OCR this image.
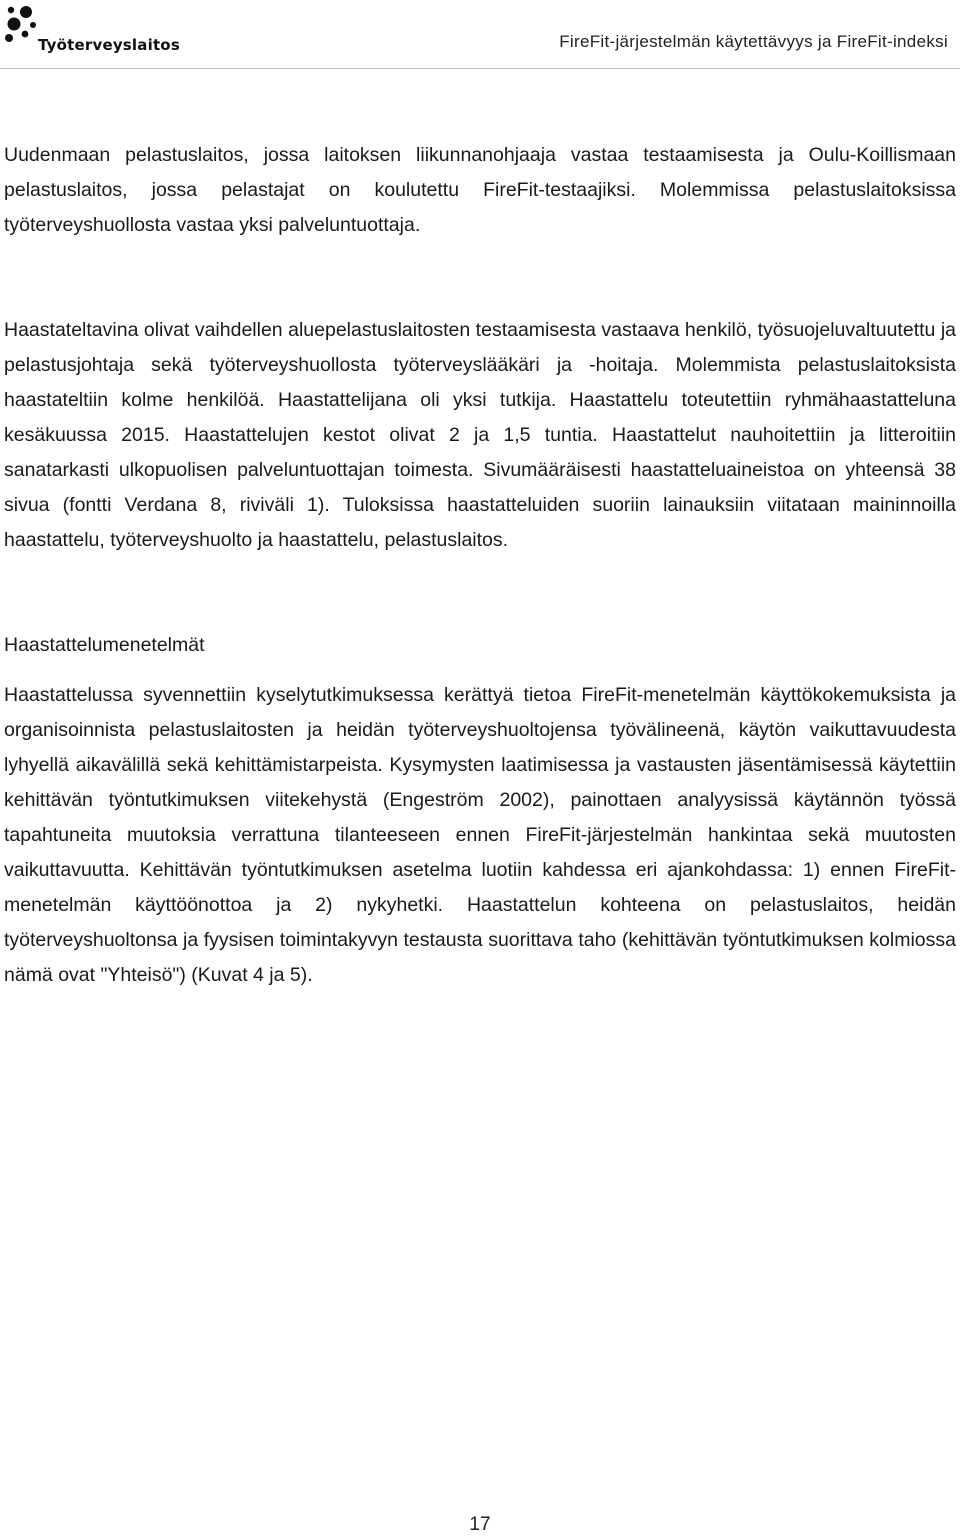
Työterveyslaitos	FireFit-järjestelmän käytettävyys ja FireFit-indeksi

Uudenmaan pelastuslaitos, jossa laitoksen liikunnanohjaaja vastaa testaamisesta ja Oulu-Koillismaan pelastuslaitos, jossa pelastajat on koulutettu FireFit-testaajiksi. Molemmissa pelastuslaitoksissa työterveyshuollosta vastaa yksi palveluntuottaja.

Haastateltavina olivat vaihdellen aluepelastuslaitosten testaamisesta vastaava henkilö, työsuojeluvaltuutettu ja pelastusjohtaja sekä työterveyshuollosta työterveyslääkäri ja -hoitaja. Molemmista pelastuslaitoksista haastateltiin kolme henkilöä. Haastattelijana oli yksi tutkija. Haastattelu toteutettiin ryhmähaastatteluna kesäkuussa 2015. Haastattelujen kestot olivat 2 ja 1,5 tuntia. Haastattelut nauhoitettiin ja litteroitiin sanatarkasti ulkopuolisen palveluntuottajan toimesta. Sivumääräisesti haastatteluaineistoa on yhteensä 38 sivua (fontti Verdana 8, riviväli 1). Tuloksissa haastatteluiden suoriin lainauksiin viitataan maininnoilla haastattelu, työterveyshuolto ja haastattelu, pelastuslaitos.

Haastattelumenetelmät

Haastattelussa syvennettiin kyselytutkimuksessa kerättyä tietoa FireFit-menetelmän käyttökokemuksista ja organisoinnista pelastuslaitosten ja heidän työterveyshuoltojensa työvälineenä, käytön vaikuttavuudesta lyhyellä aikavälillä sekä kehittämistarpeista. Kysymysten laatimisessa ja vastausten jäsentämisessä käytettiin kehittävän työntutkimuksen viitekehystä (Engeström 2002), painottaen analyysissä käytännön työssä tapahtuneita muutoksia verrattuna tilanteeseen ennen FireFit-järjestelmän hankintaa sekä muutosten vaikuttavuutta. Kehittävän työntutkimuksen asetelma luotiin kahdessa eri ajankohdassa: 1) ennen FireFit-menetelmän käyttöönottoa ja 2) nykyhetki. Haastattelun kohteena on pelastuslaitos, heidän työterveyshuoltonsa ja fyysisen toimintakyvyn testausta suorittava taho (kehittävän työntutkimuksen kolmiossa nämä ovat "Yhteisö") (Kuvat 4 ja 5).

17
